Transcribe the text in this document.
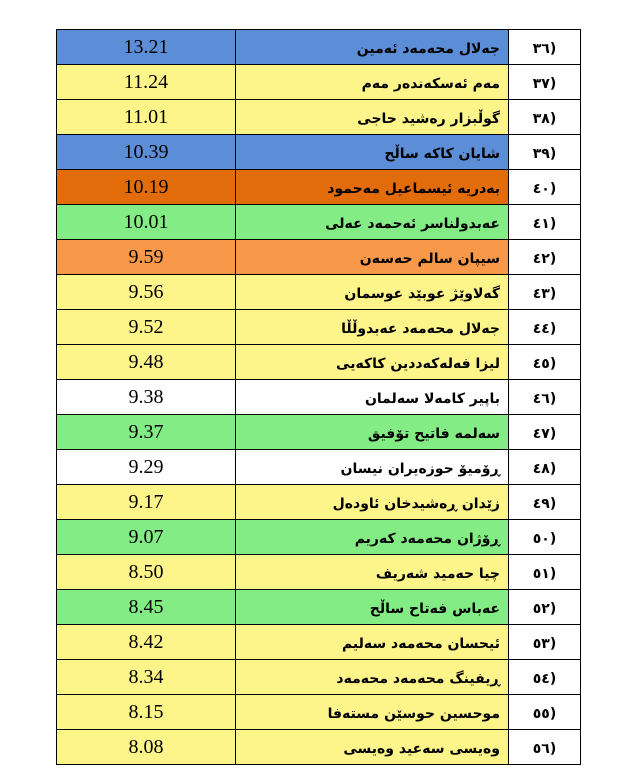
13.21	جەلال محەمەد ئەمین	٣٦)
11.24	مەم ئەسکەندەر مەم	٣٧)
11.01	گوڵبزار رەشید حاجی	٣٨)
10.39	شایان کاکە ساڵح	٣٩)
10.19	بەدریە ئیسماعیل مەحمود	٤٠)
10.01	عەبدولناسر ئەحمەد عەلی	٤١)
9.59	سیپان سالم حەسەن	٤٢)
9.56	گەلاوێژ عوبێد عوسمان	٤٣)
9.52	جەلال محەمەد عەبدوڵڵا	٤٤)
9.48	لیزا فەلەکەددین کاکەیی	٤٥)
9.38	باپیر کامەلا سەلمان	٤٦)
9.37	سەلمە فاتیح تۆفیق	٤٧)
9.29	ڕۆمیۆ حوزەیران نیسان	٤٨)
9.17	زێدان ڕەشیدخان ئاودەل	٤٩)
9.07	ڕۆژان محەمەد کەریم	٥٠)
8.50	چیا حەمید شەریف	٥١)
8.45	عەباس فەتاح ساڵح	٥٢)
8.42	ئیحسان محەمەد سەلیم	٥٣)
8.34	ڕیفینگ محەمەد محەمەد	٥٤)
8.15	موحسین حوسێن مستەفا	٥٥)
8.08	وەیسی سەعید وەیسی	٥٦)
